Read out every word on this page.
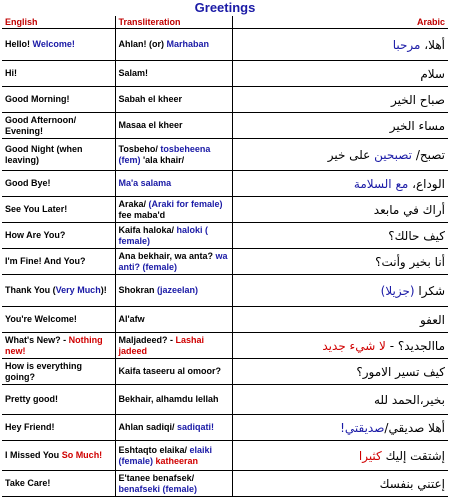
Greetings
English	Transliteration	Arabic
Hello! Welcome!	Ahlan! (or) Marhaban	أهلا، مرحبا
Hi!	Salam!	سلام
Good Morning!	Sabah el kheer	صباح الخير
Good Afternoon/ Evening!	Masaa el kheer	مساء الخير
Good Night (when leaving)	Tosbeho/ tosbeheena (fem) 'ala khair/	تصبح/ تصبحين على خير
Good Bye!	Ma'a salama	الوداع، مع السلامة
See You Later!	Araka/ (Araki for female) fee maba'd	أراك في مابعد
How Are You?	Kaifa haloka/ haloki ( female)	كيف حالك؟
I'm Fine! And You?	Ana bekhair, wa anta? wa anti? (female)	أنا بخير وأنت؟
Thank You (Very Much)!	Shokran (jazeelan)	شكرا (جزيلا)
You're Welcome!	Al'afw	العفو
What's New? - Nothing new!	Maljadeed? - Lashai jadeed	ماالجديد؟ - لا شيء جديد
How is everything going?	Kaifa taseeru al omoor?	كيف تسير الامور؟
Pretty good!	Bekhair, alhamdu lellah	بخير،الحمد لله
Hey Friend!	Ahlan sadiqi/ sadiqati!	أهلا صديقي/صديقتي!
I Missed You So Much!	Eshtaqto elaika/ elaiki (female) katheeran	إشتقت إليك كثيرا
Take Care!	E'tanee benafsek/ benafseki (female)	إعتني بنفسك
